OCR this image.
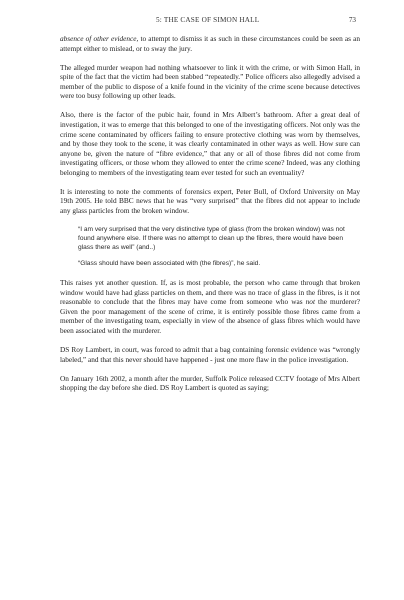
5: THE CASE OF SIMON HALL	73

absence of other evidence, to attempt to dismiss it as such in these circumstances could be seen as an attempt either to mislead, or to sway the jury.

The alleged murder weapon had nothing whatsoever to link it with the crime, or with Simon Hall, in spite of the fact that the victim had been stabbed “repeatedly.” Police officers also allegedly advised a member of the public to dispose of a knife found in the vicinity of the crime scene because detectives were too busy following up other leads.

Also, there is the factor of the pubic hair, found in Mrs Albert’s bathroom. After a great deal of investigation, it was to emerge that this belonged to one of the investigating officers. Not only was the crime scene contaminated by officers failing to ensure protective clothing was worn by themselves, and by those they took to the scene, it was clearly contaminated in other ways as well. How sure can anyone be, given the nature of “fibre evidence,” that any or all of those fibres did not come from investigating officers, or those whom they allowed to enter the crime scene? Indeed, was any clothing belonging to members of the investigating team ever tested for such an eventuality?

It is interesting to note the comments of forensics expert, Peter Bull, of Oxford University on May 19th 2005. He told BBC news that he was “very surprised” that the fibres did not appear to include any glass particles from the broken window.

“I am very surprised that the very distinctive type of glass (from the broken window) was not found anywhere else. If there was no attempt to clean up the fibres, there would have been glass there as well” (and..)

“Glass should have been associated with (the fibres)”, he said.

This raises yet another question. If, as is most probable, the person who came through that broken window would have had glass particles on them, and there was no trace of glass in the fibres, is it not reasonable to conclude that the fibres may have come from someone who was not the murderer? Given the poor management of the scene of crime, it is entirely possible those fibres came from a member of the investigating team, especially in view of the absence of glass fibres which would have been associated with the murderer.

DS Roy Lambert, in court, was forced to admit that a bag containing forensic evidence was “wrongly labeled,” and that this never should have happened - just one more flaw in the police investigation.

On January 16th 2002, a month after the murder, Suffolk Police released CCTV footage of Mrs Albert shopping the day before she died. DS Roy Lambert is quoted as saying;
